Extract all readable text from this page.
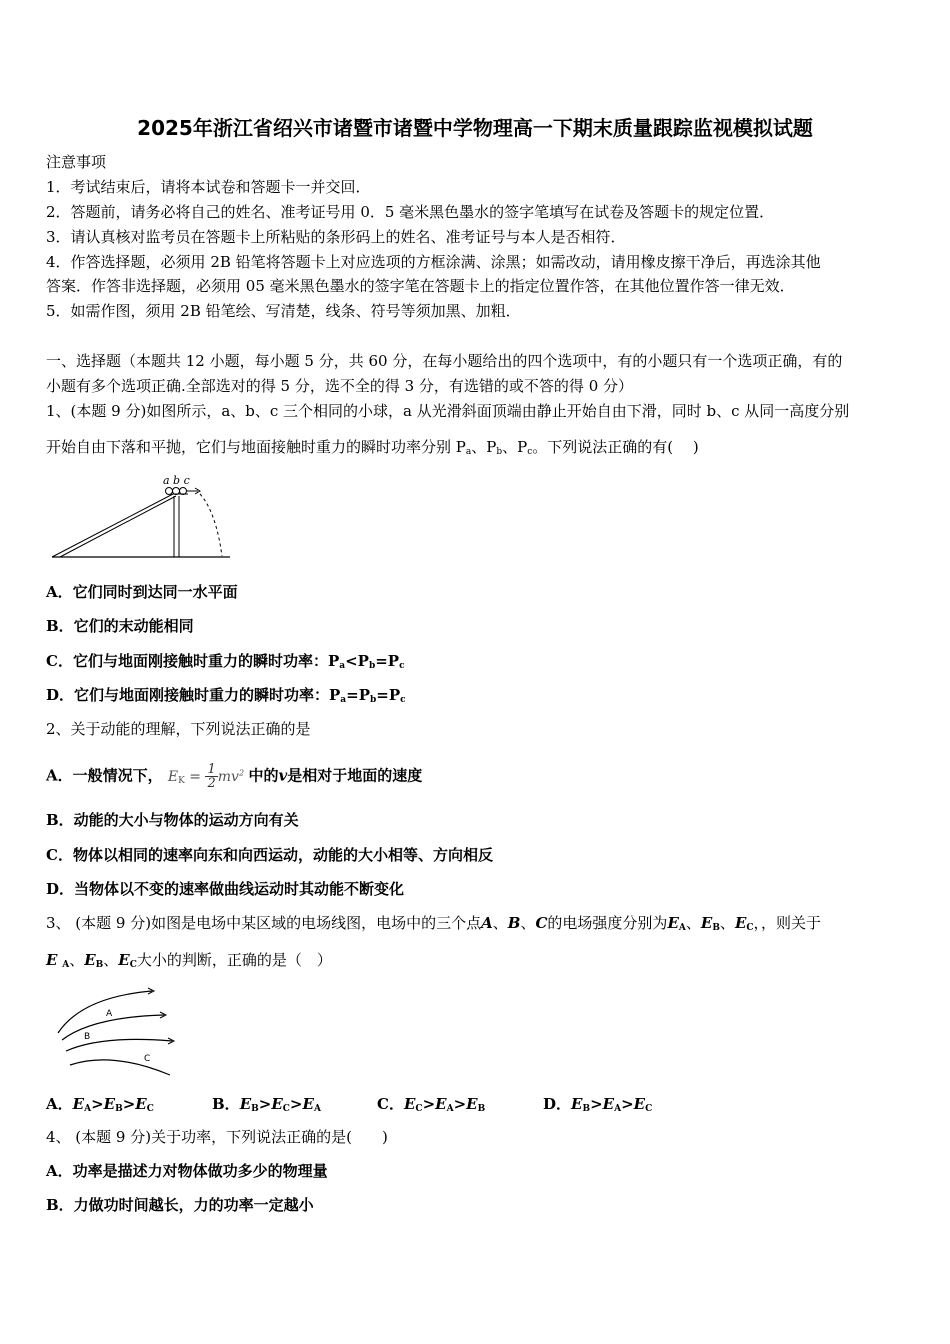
2025年浙江省绍兴市诸暨市诸暨中学物理高一下期末质量跟踪监视模拟试题
注意事项
1．考试结束后，请将本试卷和答题卡一并交回．
2．答题前，请务必将自己的姓名、准考证号用 0．5 毫米黑色墨水的签字笔填写在试卷及答题卡的规定位置．
3．请认真核对监考员在答题卡上所粘贴的条形码上的姓名、准考证号与本人是否相符．
4．作答选择题，必须用 2B 铅笔将答题卡上对应选项的方框涂满、涂黑；如需改动，请用橡皮擦干净后，再选涂其他
答案．作答非选择题，必须用 05 毫米黑色墨水的签字笔在答题卡上的指定位置作答，在其他位置作答一律无效．
5．如需作图，须用 2B 铅笔绘、写清楚，线条、符号等须加黑、加粗．
一、选择题（本题共 12 小题，每小题 5 分，共 60 分，在每小题给出的四个选项中，有的小题只有一个选项正确，有的
小题有多个选项正确.全部选对的得 5 分，选不全的得 3 分，有选错的或不答的得 0 分）
1、(本题 9 分)如图所示，a、b、c 三个相同的小球，a 从光滑斜面顶端由静止开始自由下滑，同时 b、c 从同一高度分别
开始自由下落和平抛，它们与地面接触时重力的瞬时功率分别 $P_a$、$P_b$、$P_c$。下列说法正确的有(　 )
a b c
A．它们同时到达同一水平面
B．它们的末动能相同
C．它们与地面刚接触时重力的瞬时功率：$P_a<P_b=P_c$
D．它们与地面刚接触时重力的瞬时功率：$P_a=P_b=P_c$
2、关于动能的理解，下列说法正确的是
A．一般情况下， $E_K = \frac{1}{2} mv^2$ 中的v是相对于地面的速度
B．动能的大小与物体的运动方向有关
C．物体以相同的速率向东和向西运动，动能的大小相等、方向相反
D．当物体以不变的速率做曲线运动时其动能不断变化
3、 (本题 9 分)如图是电场中某区域的电场线图，电场中的三个点A、B、C的电场强度分别为$E_A$、$E_B$、$E_C$，，则关于
E $_A$、$E_B$、$E_C$大小的判断，正确的是（　）
A
B
C
A．$E_A>E_B>E_C$	B．$E_B>E_C>E_A$	C．$E_C>E_A>E_B$	D．$E_B>E_A>E_C$
4、 (本题 9 分)关于功率，下列说法正确的是(　　)
A．功率是描述力对物体做功多少的物理量
B．力做功时间越长，力的功率一定越小
